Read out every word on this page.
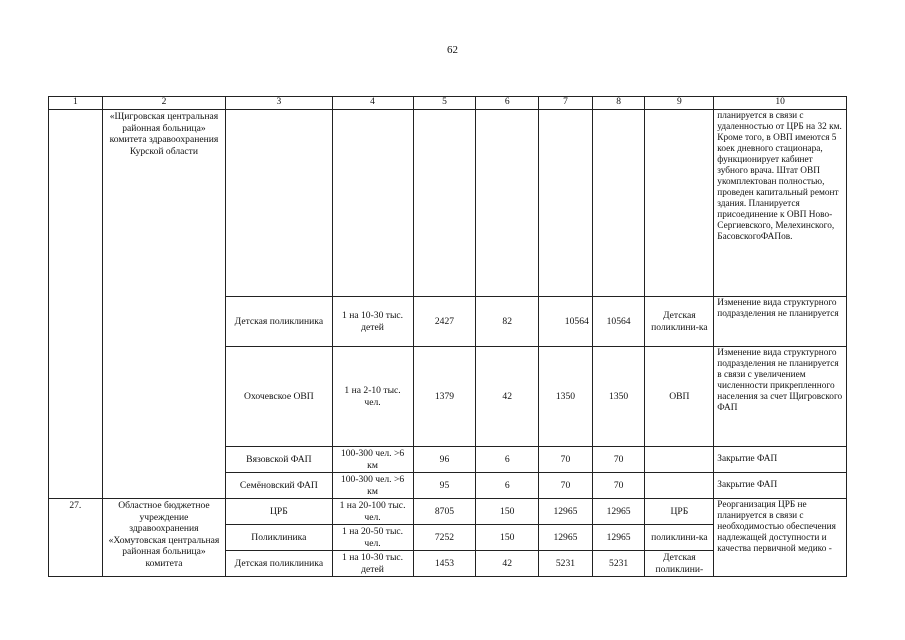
62
1	2	3	4	5	6	7	8	9	10
	«Щигровская центральная районная больница» комитета здравоохранения Курской области								планируется в связи с удаленностью от ЦРБ на 32 км. Кроме того, в ОВП имеются 5 коек дневного стационара, функционирует кабинет зубного врача. Штат ОВП укомплектован полностью, проведен капитальный ремонт здания. Планируется присоединение к ОВП Ново-Сергиевского, Мелехинского, БасовскогоФАПов.
		Детская поликлиника	1 на 10-30 тыс. детей	2427	82	10564	10564	Детская поликлини-ка	Изменение вида структурного подразделения не планируется
		Охочевское ОВП	1 на 2-10 тыс. чел.	1379	42	1350	1350	ОВП	Изменение вида структурного подразделения не планируется в связи с увеличением численности прикрепленного населения за счет Щигровского ФАП
		Вязовской ФАП	100-300 чел. >6 км	96	6	70	70		Закрытие ФАП
		Семёновский ФАП	100-300 чел. >6 км	95	6	70	70		Закрытие ФАП
27.	Областное бюджетное учреждение здравоохранения «Хомутовская центральная районная больница» комитета	ЦРБ	1 на 20-100 тыс. чел.	8705	150	12965	12965	ЦРБ	Реорганизация ЦРБ не планируется в связи с необходимостью обеспечения надлежащей доступности и качества первичной медико -
		Поликлиника	1 на 20-50 тыс. чел.	7252	150	12965	12965	поликлини-ка	
		Детская поликлиника	1 на 10-30 тыс. детей	1453	42	5231	5231	Детская поликлини-	
